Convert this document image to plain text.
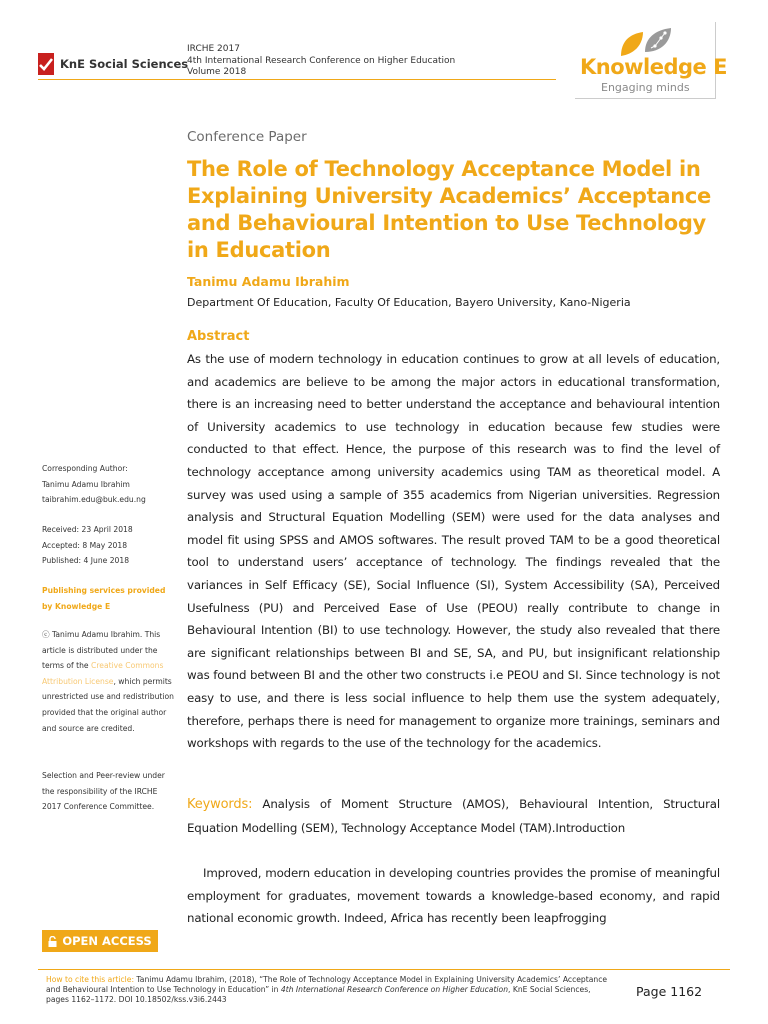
KnE Social Sciences
IRCHE 2017
4th International Research Conference on Higher Education
Volume 2018	Knowledge E
Engaging minds
Conference Paper
The Role of Technology Acceptance Model in Explaining University Academics’ Acceptance and Behavioural Intention to Use Technology in Education
Tanimu Adamu Ibrahim
Department Of Education, Faculty Of Education, Bayero University, Kano-Nigeria
Abstract
As the use of modern technology in education continues to grow at all levels of education, and academics are believe to be among the major actors in educational transformation, there is an increasing need to better understand the acceptance and behavioural intention of University academics to use technology in education because few studies were conducted to that effect. Hence, the purpose of this research was to find the level of technology acceptance among university academics using TAM as theoretical model. A survey was used using a sample of 355 academics from Nigerian universities. Regression analysis and Structural Equation Modelling (SEM) were used for the data analyses and model fit using SPSS and AMOS softwares. The result proved TAM to be a good theoretical tool to understand users’ acceptance of technology. The findings revealed that the variances in Self Efficacy (SE), Social Influence (SI), System Accessibility (SA), Perceived Usefulness (PU) and Perceived Ease of Use (PEOU) really contribute to change in Behavioural Intention (BI) to use technology. However, the study also revealed that there are significant relationships between BI and SE, SA, and PU, but insignificant relationship was found between BI and the other two constructs i.e PEOU and SI. Since technology is not easy to use, and there is less social influence to help them use the system adequately, therefore, perhaps there is need for management to organize more trainings, seminars and workshops with regards to the use of the technology for the academics.
Keywords: Analysis of Moment Structure (AMOS), Behavioural Intention, Structural Equation Modelling (SEM), Technology Acceptance Model (TAM).Introduction
Improved, modern education in developing countries provides the promise of meaningful employment for graduates, movement towards a knowledge-based economy, and rapid national economic growth. Indeed, Africa has recently been leapfrogging
Corresponding Author:
Tanimu Adamu Ibrahim
taibrahim.edu@buk.edu.ng
Received: 23 April 2018
Accepted: 8 May 2018
Published: 4 June 2018
Publishing services provided by Knowledge E
ⓒ Tanimu Adamu Ibrahim. This article is distributed under the terms of the Creative Commons Attribution License, which permits unrestricted use and redistribution provided that the original author and source are credited.
Selection and Peer-review under the responsibility of the IRCHE 2017 Conference Committee.
OPEN ACCESS
How to cite this article: Tanimu Adamu Ibrahim, (2018), “The Role of Technology Acceptance Model in Explaining University Academics’ Acceptance and Behavioural Intention to Use Technology in Education” in 4th International Research Conference on Higher Education, KnE Social Sciences, pages 1162–1172. DOI 10.18502/kss.v3i6.2443
Page 1162
